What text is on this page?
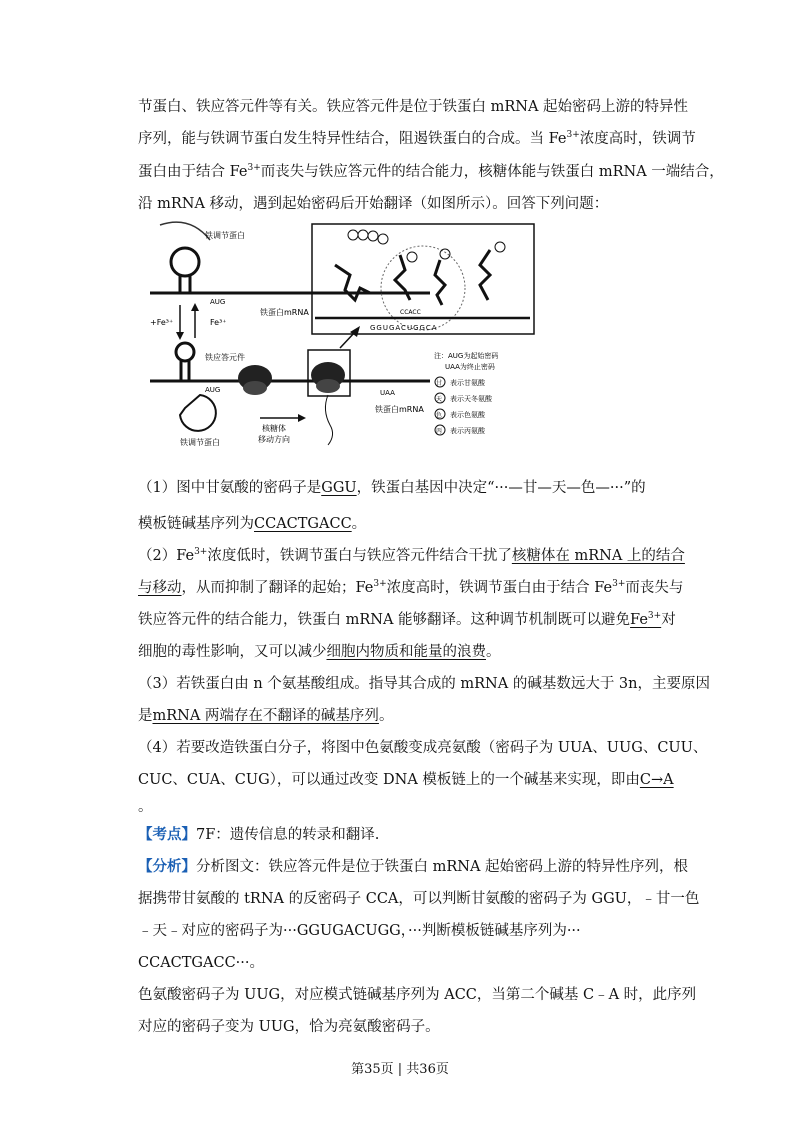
节蛋白、铁应答元件等有关。铁应答元件是位于铁蛋白 mRNA 起始密码上游的特异性
序列，能与铁调节蛋白发生特异性结合，阻遏铁蛋白的合成。当 $Fe^{3+}$浓度高时，铁调节
蛋白由于结合 $Fe^{3+}$而丧失与铁应答元件的结合能力，核糖体能与铁蛋白 mRNA 一端结合，
沿 mRNA 移动，遇到起始密码后开始翻译（如图所示）。回答下列问题：
铁调节蛋白
AUG
铁蛋白mRNA
+Fe³⁺	Fe³⁺
铁应答元件
AUG	UAA
铁蛋白mRNA
铁调节蛋白
核糖体
移动方向
GGUGACUGGCA
CCACC
注：AUG为起始密码
UAA为终止密码
甘 表示甘氨酸
天 表示天冬氨酸
色 表示色氨酸
丙 表示丙氨酸
（1）图中甘氨酸的密码子是GGU，铁蛋白基因中决定“···—甘—天—色—···”的
模板链碱基序列为CCACTGACC。
$(2)Fe^{3+}$浓度低时，铁调节蛋白与铁应答元件结合干扰了核糖体在 mRNA 上的结合
与移动，从而抑制了翻译的起始；$Fe^{3+}$浓度高时，铁调节蛋白由于结合 $Fe^{3+}$而丧失与
铁应答元件的结合能力，铁蛋白 mRNA 能够翻译。这种调节机制既可以避免$Fe^{3+}$对
细胞的毒性影响，又可以减少细胞内物质和能量的浪费。
（3）若铁蛋白由 n 个氨基酸组成。指导其合成的 mRNA 的碱基数远大于 3n，主要原因
是mRNA 两端存在不翻译的碱基序列。
（4）若要改造铁蛋白分子，将图中色氨酸变成亮氨酸（密码子为 UUA、UUG、CUU、
CUC、CUA、CUG），可以通过改变 DNA 模板链上的一个碱基来实现，即由C→A
。
【考点】7F：遗传信息的转录和翻译.
【分析】分析图文：铁应答元件是位于铁蛋白 mRNA 起始密码上游的特异性序列，根
据携带甘氨酸的 tRNA 的反密码子 CCA，可以判断甘氨酸的密码子为 GGU，﹣甘一色
﹣天﹣对应的密码子为···GGUGACUGG，···判断模板链碱基序列为···
CCACTGACC···。
色氨酸密码子为 UUG，对应模式链碱基序列为 ACC，当第二个碱基 C﹣A 时，此序列
对应的密码子变为 UUG，恰为亮氨酸密码子。
第35页 | 共36页
